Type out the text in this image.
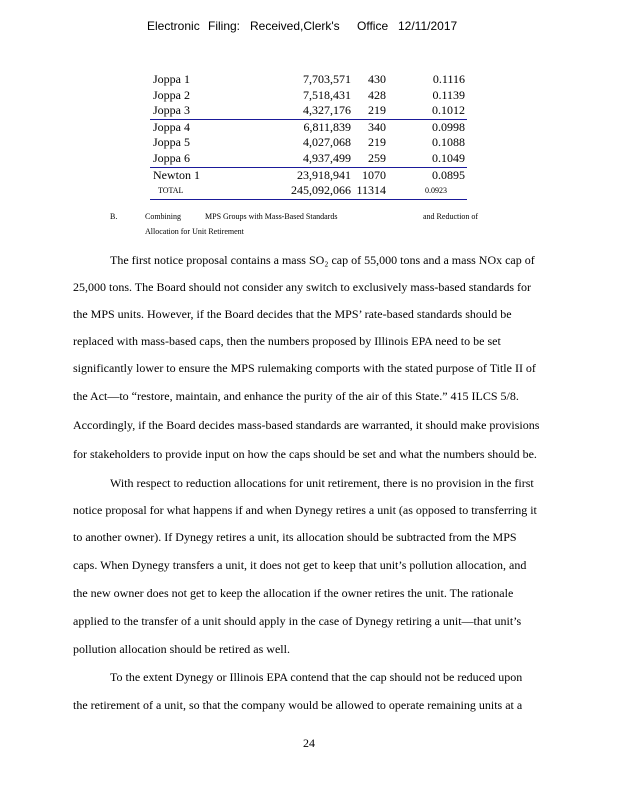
Electronic Filing: Received,Clerk's Office 12/11/2017
Joppa 1	7,703,571 430	0.1116
Joppa 2	7,518,431 428	0.1139
Joppa 3	4,327,176 219	0.1012
Joppa 4	6,811,839 340	0.0998
Joppa 5	4,027,068 219	0.1088
Joppa 6	4,937,499 259	0.1049
Newton 1	23,918,941 1070	0.0895
TOTAL	245,092,066 11314	0.0923
B.	Combining	MPS Groups with Mass-Based Standards	and Reduction of
Allocation for Unit Retirement
The first notice proposal contains a mass SO₂ cap of 55,000 tons and a mass NOx cap of
25,000 tons. The Board should not consider any switch to exclusively mass-based standards for
the MPS units. However, if the Board decides that the MPS’ rate-based standards should be
replaced with mass-based caps, then the numbers proposed by Illinois EPA need to be set
significantly lower to ensure the MPS rulemaking comports with the stated purpose of Title II of
the Act—to “restore, maintain, and enhance the purity of the air of this State.” 415 ILCS 5/8.
Accordingly, if the Board decides mass-based standards are warranted, it should make provisions
for stakeholders to provide input on how the caps should be set and what the numbers should be.
With respect to reduction allocations for unit retirement, there is no provision in the first
notice proposal for what happens if and when Dynegy retires a unit (as opposed to transferring it
to another owner). If Dynegy retires a unit, its allocation should be subtracted from the MPS
caps. When Dynegy transfers a unit, it does not get to keep that unit’s pollution allocation, and
the new owner does not get to keep the allocation if the owner retires the unit. The rationale
applied to the transfer of a unit should apply in the case of Dynegy retiring a unit—that unit’s
pollution allocation should be retired as well.
To the extent Dynegy or Illinois EPA contend that the cap should not be reduced upon
the retirement of a unit, so that the company would be allowed to operate remaining units at a
24
